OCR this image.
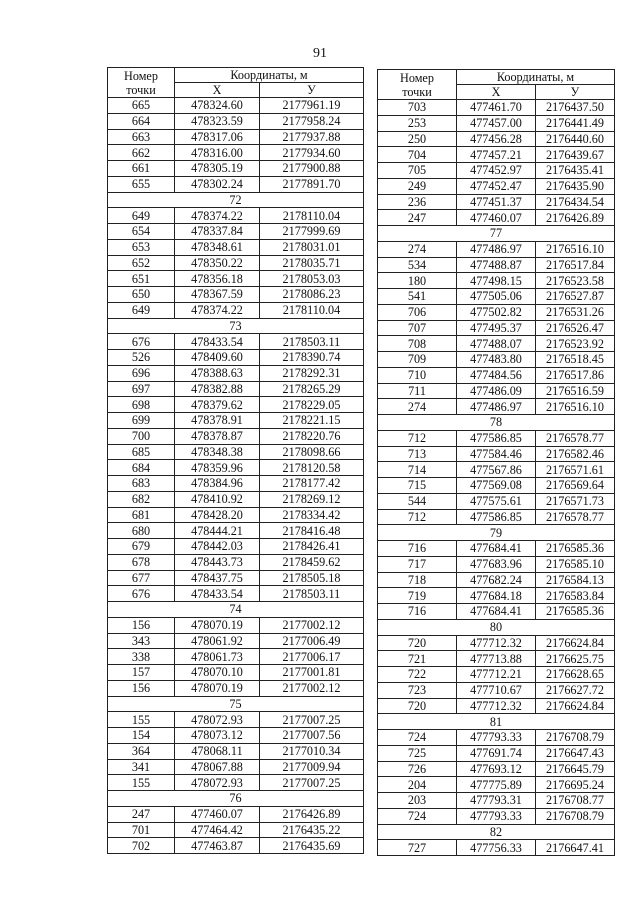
91
Номер
точки	Координаты, м	
	Х	У
665	478324.60	2177961.19
664	478323.59	2177958.24
663	478317.06	2177937.88
662	478316.00	2177934.60
661	478305.19	2177900.88
655	478302.24	2177891.70
72		
649	478374.22	2178110.04
654	478337.84	2177999.69
653	478348.61	2178031.01
652	478350.22	2178035.71
651	478356.18	2178053.03
650	478367.59	2178086.23
649	478374.22	2178110.04
73		
676	478433.54	2178503.11
526	478409.60	2178390.74
696	478388.63	2178292.31
697	478382.88	2178265.29
698	478379.62	2178229.05
699	478378.91	2178221.15
700	478378.87	2178220.76
685	478348.38	2178098.66
684	478359.96	2178120.58
683	478384.96	2178177.42
682	478410.92	2178269.12
681	478428.20	2178334.42
680	478444.21	2178416.48
679	478442.03	2178426.41
678	478443.73	2178459.62
677	478437.75	2178505.18
676	478433.54	2178503.11
74		
156	478070.19	2177002.12
343	478061.92	2177006.49
338	478061.73	2177006.17
157	478070.10	2177001.81
156	478070.19	2177002.12
75		
155	478072.93	2177007.25
154	478073.12	2177007.56
364	478068.11	2177010.34
341	478067.88	2177009.94
155	478072.93	2177007.25
76		
247	477460.07	2176426.89
701	477464.42	2176435.22
702	477463.87	2176435.69
Номер
точки	Координаты, м	
	Х	У
703	477461.70	2176437.50
253	477457.00	2176441.49
250	477456.28	2176440.60
704	477457.21	2176439.67
705	477452.97	2176435.41
249	477452.47	2176435.90
236	477451.37	2176434.54
247	477460.07	2176426.89
77		
274	477486.97	2176516.10
534	477488.87	2176517.84
180	477498.15	2176523.58
541	477505.06	2176527.87
706	477502.82	2176531.26
707	477495.37	2176526.47
708	477488.07	2176523.92
709	477483.80	2176518.45
710	477484.56	2176517.86
711	477486.09	2176516.59
274	477486.97	2176516.10
78		
712	477586.85	2176578.77
713	477584.46	2176582.46
714	477567.86	2176571.61
715	477569.08	2176569.64
544	477575.61	2176571.73
712	477586.85	2176578.77
79		
716	477684.41	2176585.36
717	477683.96	2176585.10
718	477682.24	2176584.13
719	477684.18	2176583.84
716	477684.41	2176585.36
80		
720	477712.32	2176624.84
721	477713.88	2176625.75
722	477712.21	2176628.65
723	477710.67	2176627.72
720	477712.32	2176624.84
81		
724	477793.33	2176708.79
725	477691.74	2176647.43
726	477693.12	2176645.79
204	477775.89	2176695.24
203	477793.31	2176708.77
724	477793.33	2176708.79
82		
727	477756.33	2176647.41
